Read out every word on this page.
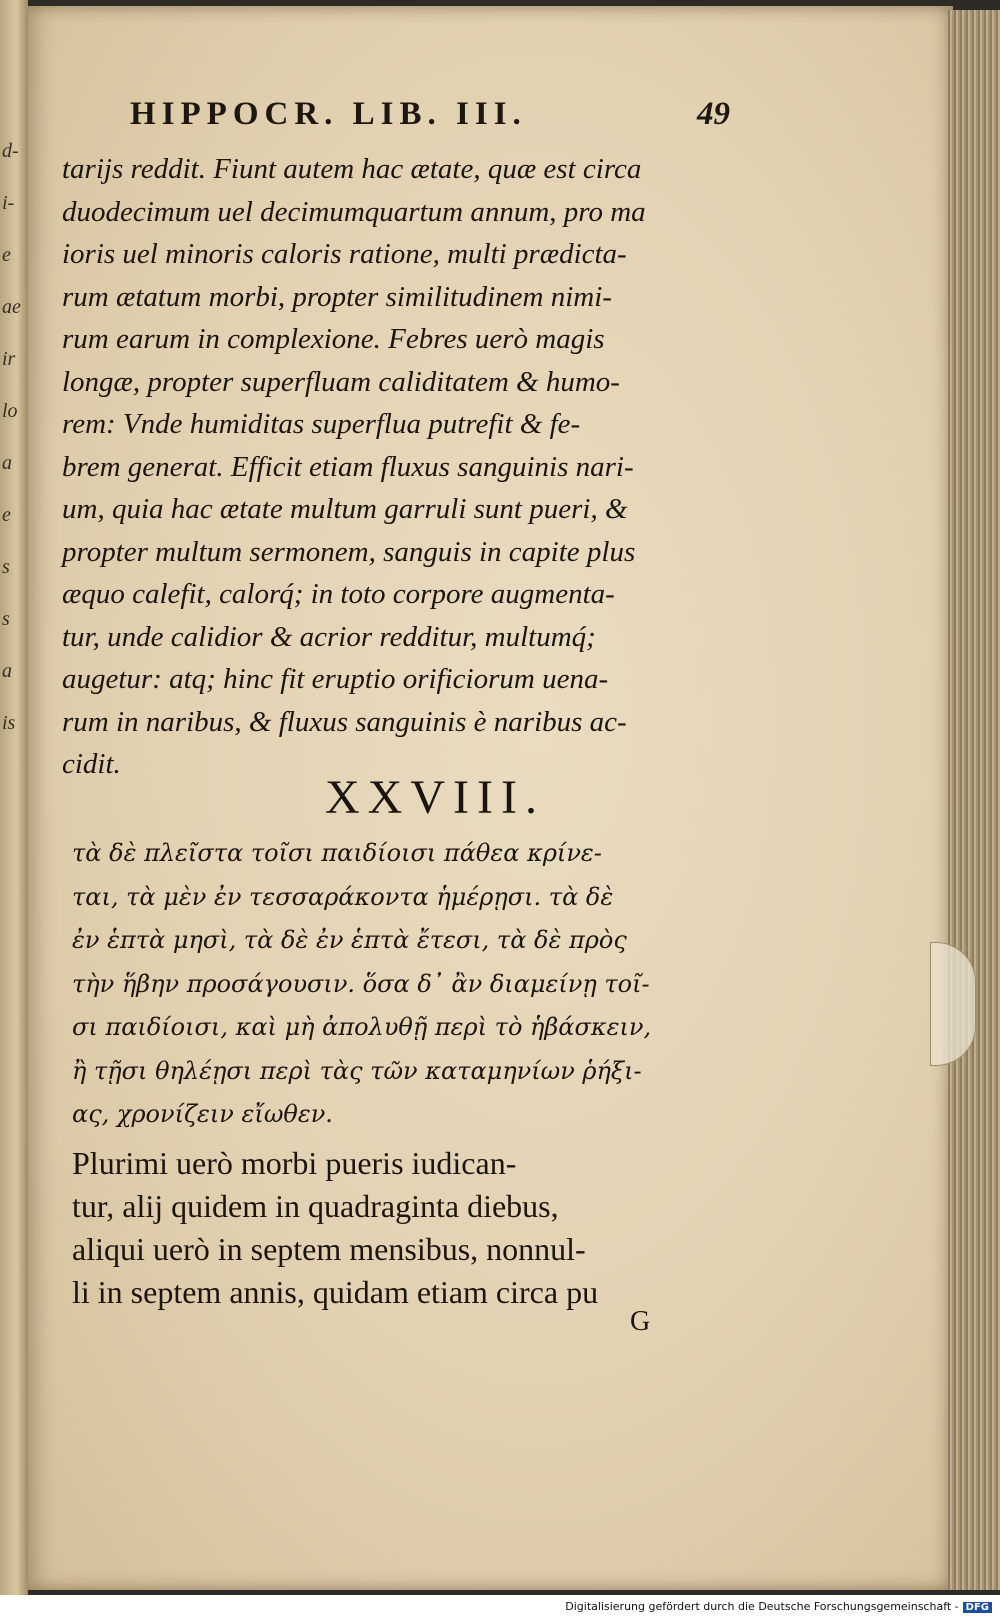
d-
i-
e
ae
ir
lo
a
e
s
s
a
is
HIPPOCR. LIB. III.	49
tarijs reddit. Fiunt autem hac ætate, quæ est circa
duodecimum uel decimumquartum annum, pro ma
ioris uel minoris caloris ratione, multi prædicta-
rum ætatum morbi, propter similitudinem nimi-
rum earum in complexione. Febres uerò magis
longæ, propter superfluam caliditatem & humo-
rem: Vnde humiditas superflua putrefit & fe-
brem generat. Efficit etiam fluxus sanguinis nari-
um, quia hac ætate multum garruli sunt pueri, &
propter multum sermonem, sanguis in capite plus
æquo calefit, calorq́; in toto corpore augmenta-
tur, unde calidior & acrior redditur, multumq́;
augetur: atq; hinc fit eruptio orificiorum uena-
rum in naribus, & fluxus sanguinis è naribus ac-
cidit.
XXVIII.
τὰ δὲ πλεῖστα τοῖσι παιδίοισι πάθεα κρίνε-
ται, τὰ μὲν ἐν τεσσαράκοντα ἡμέρῃσι. τὰ δὲ
ἐν ἑπτὰ μησὶ, τὰ δὲ ἐν ἑπτὰ ἔτεσι, τὰ δὲ πρὸς
τὴν ἥβην προσάγουσιν. ὅσα δ᾽ ἂν διαμείνῃ τοῖ-
σι παιδίοισι, καὶ μὴ ἀπολυθῇ περὶ τὸ ἡβάσκειν,
ἢ τῇσι θηλέῃσι περὶ τὰς τῶν καταμηνίων ῥήξι-
ας, χρονίζειν εἴωθεν.
Plurimi uerò morbi pueris iudican-
tur, alij quidem in quadraginta diebus,
aliqui uerò in septem mensibus, nonnul-
li in septem annis, quidam etiam circa pu
G
Digitalisierung gefördert durch die Deutsche Forschungsgemeinschaft - DFG
